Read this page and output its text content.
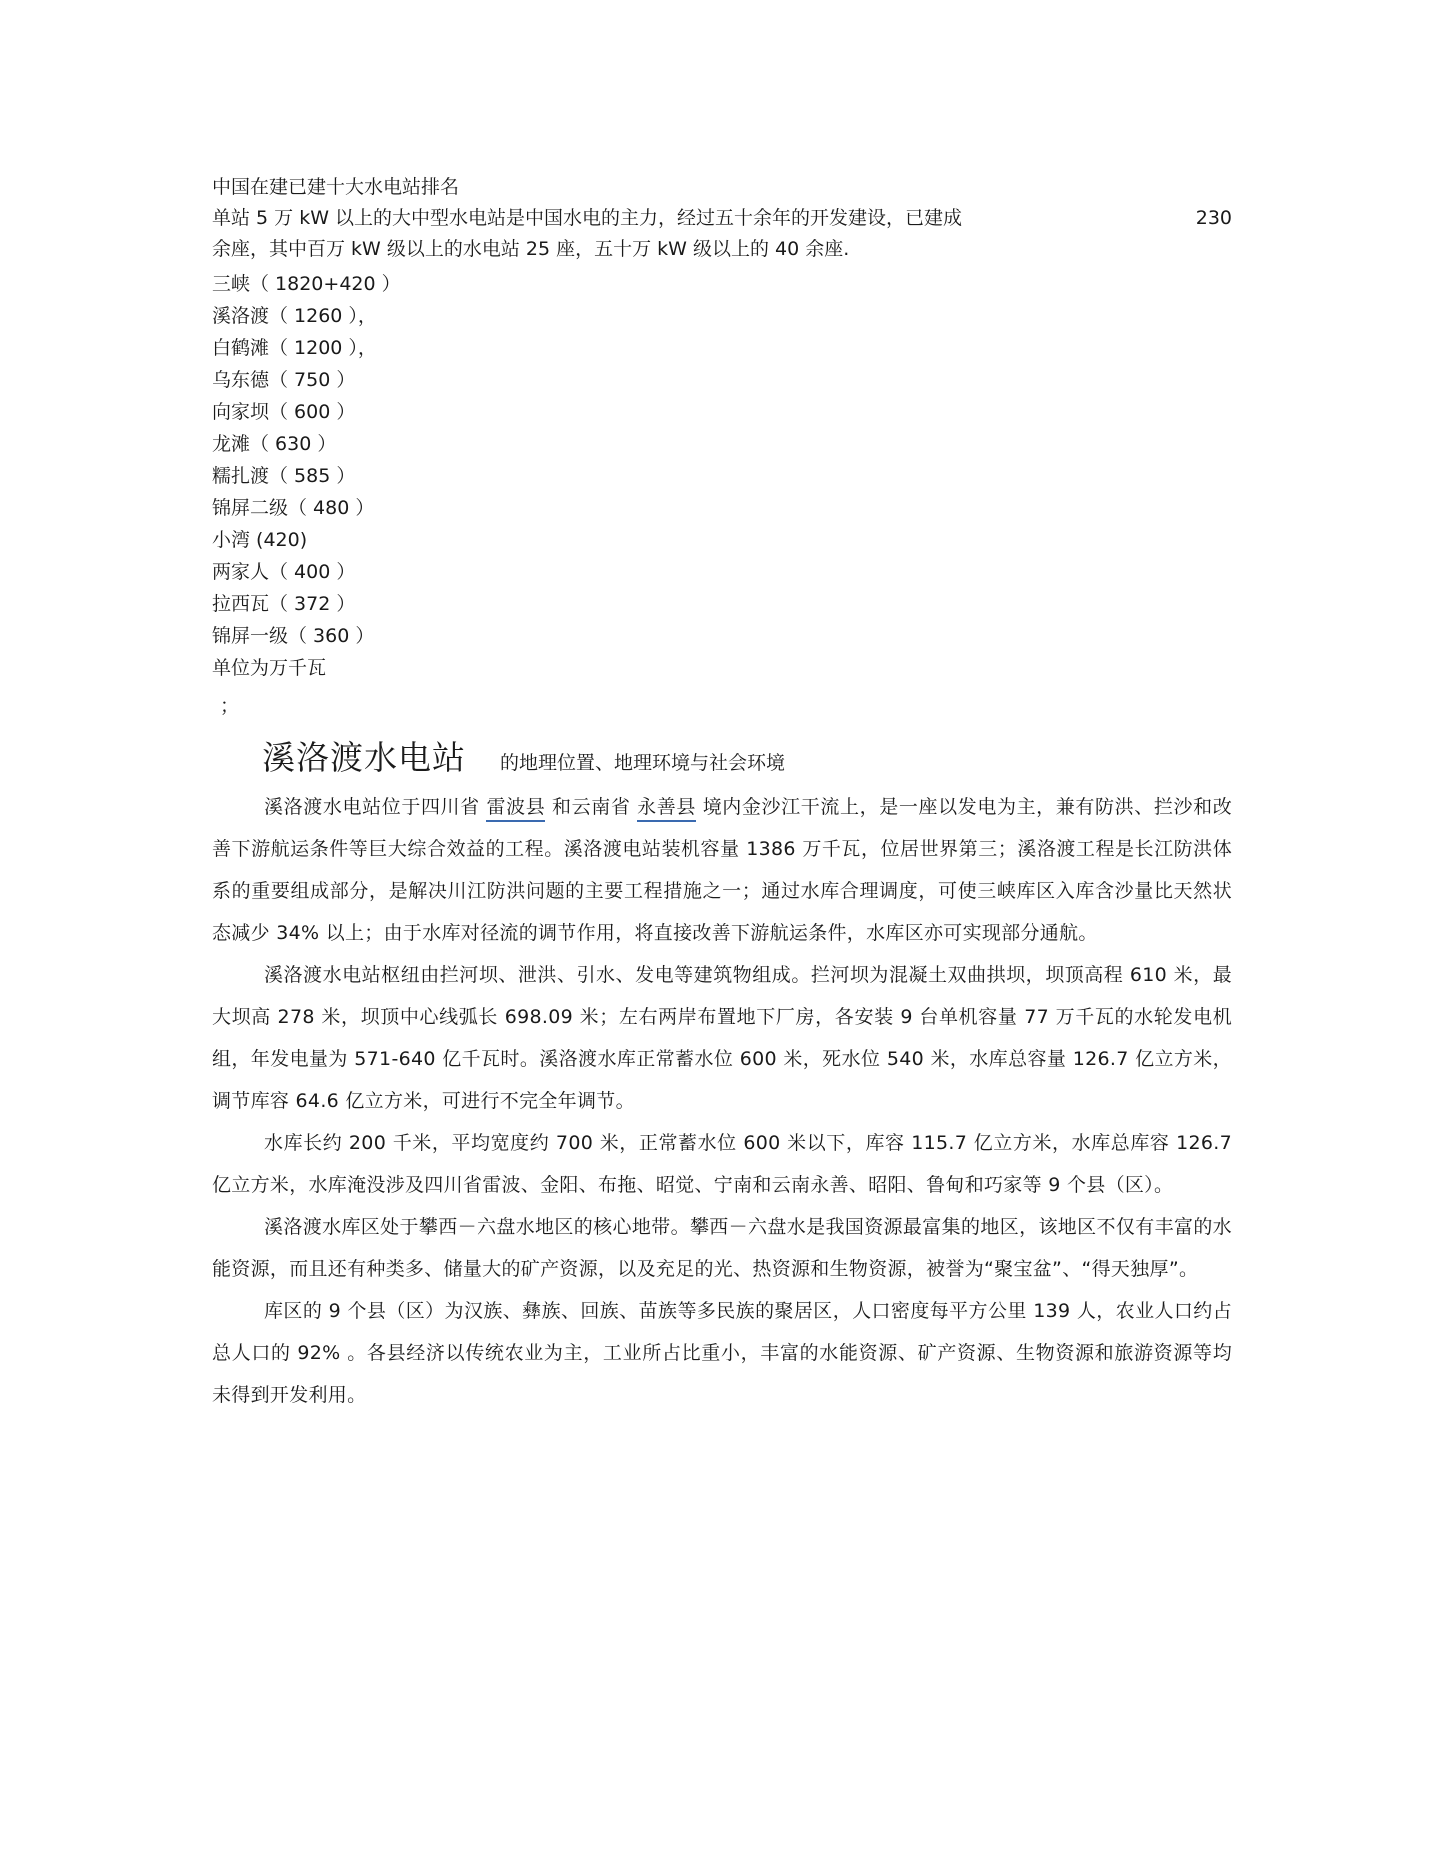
中国在建已建十大水电站排名
单站 5 万 kW 以上的大中型水电站是中国水电的主力，经过五十余年的开发建设，已建成	230
余座，其中百万 kW 级以上的水电站 25 座，五十万 kW 级以上的 40 余座.
三峡（ 1820+420 ）
溪洛渡（ 1260 ），
白鹤滩（ 1200 ），
乌东德（ 750 ）
向家坝（ 600 ）
龙滩（ 630 ）
糯扎渡（ 585 ）
锦屏二级（ 480 ）
小湾 (420)
两家人（ 400 ）
拉西瓦（ 372 ）
锦屏一级（ 360 ）
单位为万千瓦
；
溪洛渡水电站 的地理位置、地理环境与社会环境

溪洛渡水电站位于四川省 雷波县 和云南省 永善县 境内金沙江干流上，是一座以发电为主，兼有防洪、拦沙和改善下游航运条件等巨大综合效益的工程。溪洛渡电站装机容量 1386 万千瓦，位居世界第三；溪洛渡工程是长江防洪体系的重要组成部分，是解决川江防洪问题的主要工程措施之一；通过水库合理调度，可使三峡库区入库含沙量比天然状态减少 34% 以上；由于水库对径流的调节作用，将直接改善下游航运条件，水库区亦可实现部分通航。

溪洛渡水电站枢纽由拦河坝、泄洪、引水、发电等建筑物组成。拦河坝为混凝土双曲拱坝，坝顶高程 610 米，最大坝高 278 米，坝顶中心线弧长 698.09 米；左右两岸布置地下厂房，各安装 9 台单机容量 77 万千瓦的水轮发电机组，年发电量为 571-640 亿千瓦时。溪洛渡水库正常蓄水位 600 米，死水位 540 米，水库总容量 126.7 亿立方米，调节库容 64.6 亿立方米，可进行不完全年调节。

水库长约 200 千米，平均宽度约 700 米，正常蓄水位 600 米以下，库容 115.7 亿立方米，水库总库容 126.7 亿立方米，水库淹没涉及四川省雷波、金阳、布拖、昭觉、宁南和云南永善、昭阳、鲁甸和巧家等 9 个县（区）。

溪洛渡水库区处于攀西－六盘水地区的核心地带。攀西－六盘水是我国资源最富集的地区，该地区不仅有丰富的水能资源，而且还有种类多、储量大的矿产资源，以及充足的光、热资源和生物资源，被誉为“聚宝盆”、“得天独厚”。

库区的 9 个县（区）为汉族、彝族、回族、苗族等多民族的聚居区，人口密度每平方公里 139 人，农业人口约占总人口的 92% 。各县经济以传统农业为主，工业所占比重小，丰富的水能资源、矿产资源、生物资源和旅游资源等均未得到开发利用。
